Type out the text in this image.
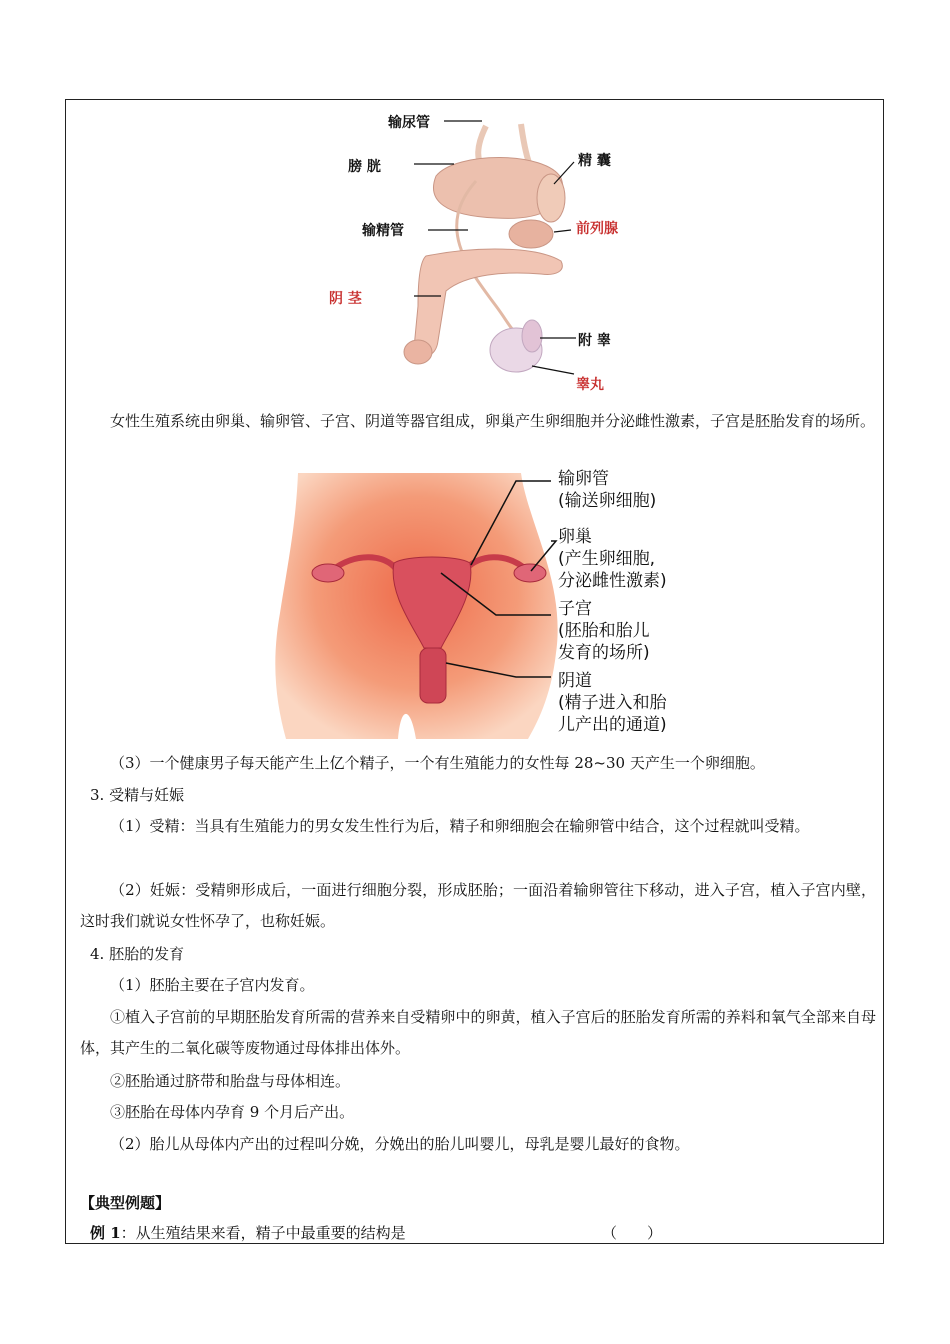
输尿管
膀 胱	精 囊
输精管	前列腺
阴 茎
附 睾
睾丸
女性生殖系统由卵巢、输卵管、子宫、阴道等器官组成，卵巢产生卵细胞并分泌雌性激素，子宫是胚胎发育的场所。
输卵管
(输送卵细胞)
卵巢
(产生卵细胞,
分泌雌性激素)
子宫
(胚胎和胎儿
发育的场所)
阴道
(精子进入和胎
儿产出的通道)
（3）一个健康男子每天能产生上亿个精子，一个有生殖能力的女性每 28~30 天产生一个卵细胞。
3. 受精与妊娠
（1）受精：当具有生殖能力的男女发生性行为后，精子和卵细胞会在输卵管中结合，这个过程就叫受精。
（2）妊娠：受精卵形成后，一面进行细胞分裂，形成胚胎；一面沿着输卵管往下移动，进入子宫，植入子宫内壁，这时我们就说女性怀孕了，也称妊娠。
4. 胚胎的发育
（1）胚胎主要在子宫内发育。
①植入子宫前的早期胚胎发育所需的营养来自受精卵中的卵黄，植入子宫后的胚胎发育所需的养料和氧气全部来自母体，其产生的二氧化碳等废物通过母体排出体外。
②胚胎通过脐带和胎盘与母体相连。
③胚胎在母体内孕育 9 个月后产出。
（2）胎儿从母体内产出的过程叫分娩，分娩出的胎儿叫婴儿，母乳是婴儿最好的食物。
【典型例题】
例 1：从生殖结果来看，精子中最重要的结构是	（　　）
